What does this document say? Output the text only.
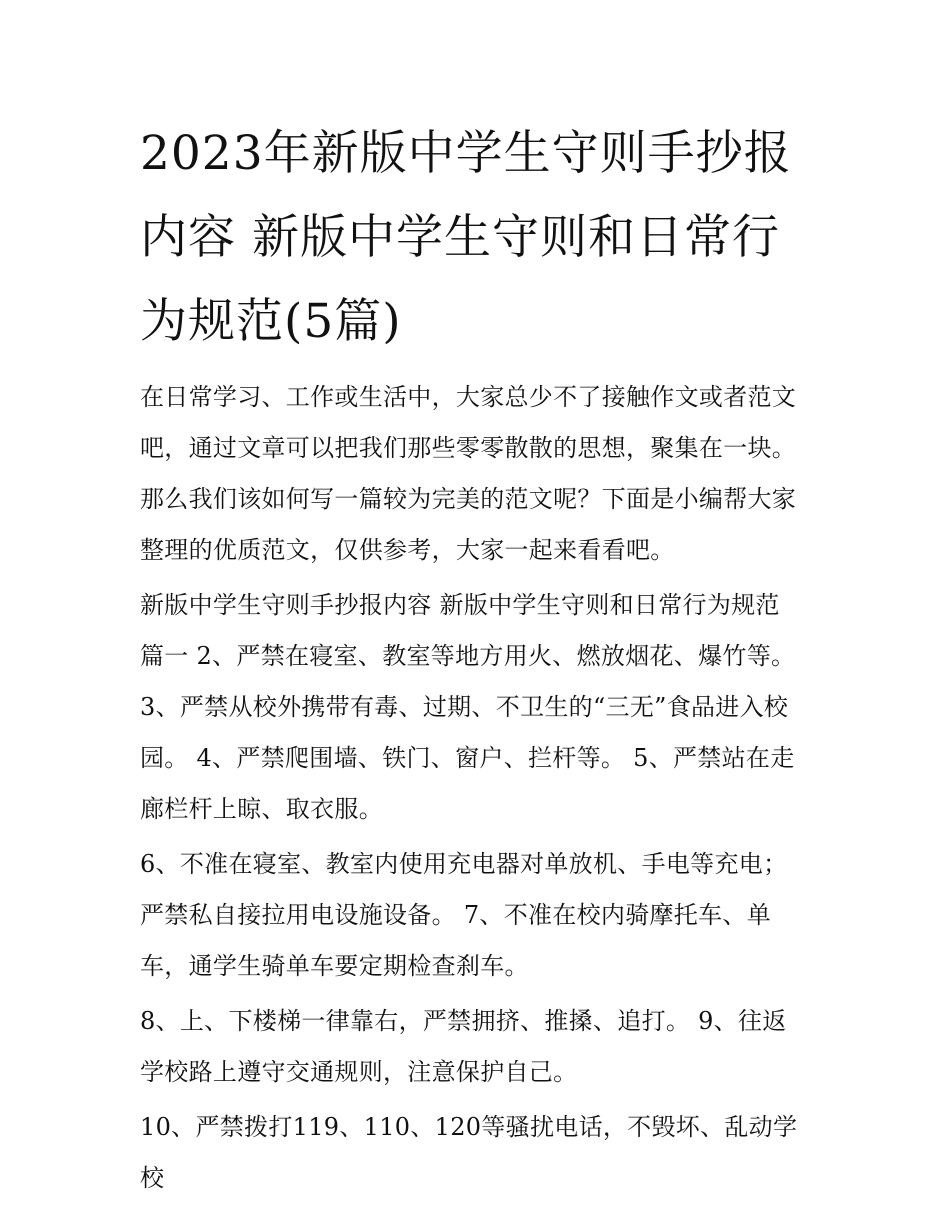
2023年新版中学生守则手抄报
内容 新版中学生守则和日常行
为规范(5篇)

在日常学习、工作或生活中，大家总少不了接触作文或者范文
吧，通过文章可以把我们那些零零散散的思想，聚集在一块。
那么我们该如何写一篇较为完美的范文呢？下面是小编帮大家
整理的优质范文，仅供参考，大家一起来看看吧。

新版中学生守则手抄报内容 新版中学生守则和日常行为规范
篇一 2、严禁在寝室、教室等地方用火、燃放烟花、爆竹等。
3、严禁从校外携带有毒、过期、不卫生的“三无”食品进入校
园。 4、严禁爬围墙、铁门、窗户、拦杆等。 5、严禁站在走
廊栏杆上晾、取衣服。

6、不准在寝室、教室内使用充电器对单放机、手电等充电；
严禁私自接拉用电设施设备。 7、不准在校内骑摩托车、单
车，通学生骑单车要定期检查刹车。

8、上、下楼梯一律靠右，严禁拥挤、推搡、追打。 9、往返
学校路上遵守交通规则，注意保护自己。

10、严禁拨打119、110、120等骚扰电话，不毁坏、乱动学校
